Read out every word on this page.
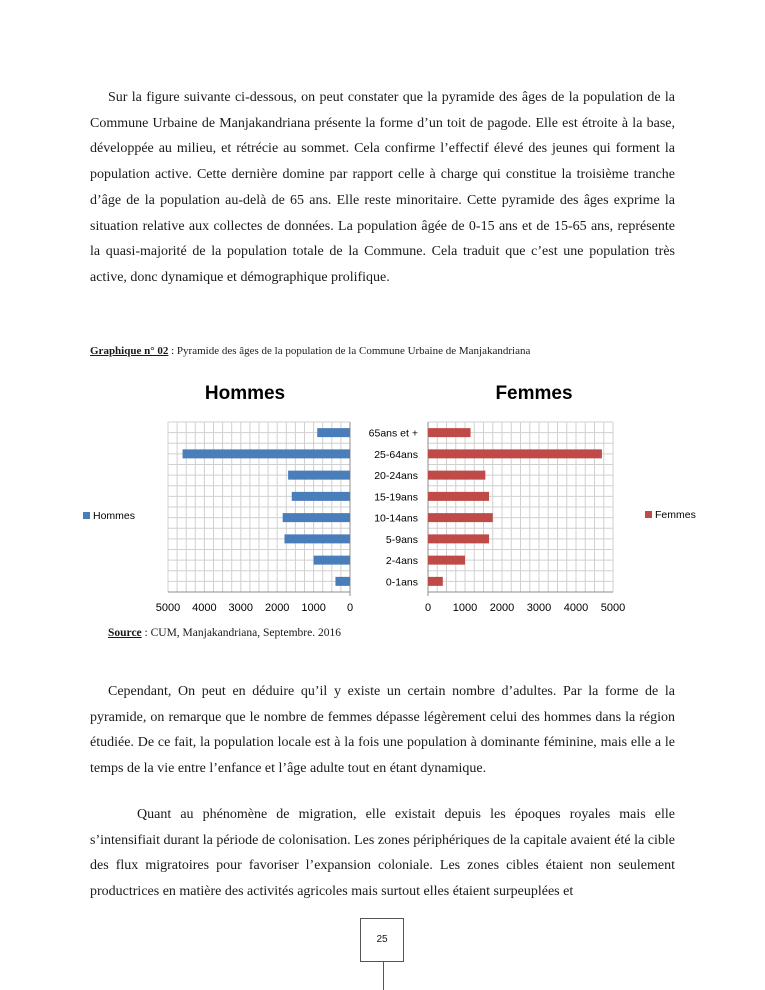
Sur la figure suivante ci-dessous, on peut constater que la pyramide des âges de la population de la Commune Urbaine de Manjakandriana présente la forme d’un toit de pagode. Elle est étroite à la base, développée au milieu, et rétrécie au sommet. Cela confirme l’effectif élevé des jeunes qui forment la population active. Cette dernière domine par rapport celle à charge qui constitue la troisième tranche d’âge de la population au-delà de 65 ans. Elle reste minoritaire. Cette pyramide des âges exprime la situation relative aux collectes de données. La population âgée de 0-15 ans et de 15-65 ans, représente la quasi-majorité de la population totale de la Commune. Cela traduit que c’est une population très active, donc dynamique et démographique prolifique.

Graphique n° 02 : Pyramide des âges de la population de la Commune Urbaine de Manjakandriana

Hommes
5000 4000 3000 2000 1000 0
Hommes
Femmes
0 1000 2000 3000 4000 5000
0-1ans
2-4ans
5-9ans
10-14ans
15-19ans
20-24ans
25-64ans
65ans et +
Femmes

Source : CUM, Manjakandriana, Septembre. 2016

Cependant, On peut en déduire qu’il y existe un certain nombre d’adultes. Par la forme de la pyramide, on remarque que le nombre de femmes dépasse légèrement celui des hommes dans la région étudiée. De ce fait, la population locale est à la fois une population à dominante féminine, mais elle a le temps de la vie entre l’enfance et l’âge adulte tout en étant dynamique.

Quant au phénomène de migration, elle existait depuis les époques royales mais elle s’intensifiait durant la période de colonisation. Les zones périphériques de la capitale avaient été la cible des flux migratoires pour favoriser l’expansion coloniale. Les zones cibles étaient non seulement productrices en matière des activités agricoles mais surtout elles étaient surpeuplées et

25
